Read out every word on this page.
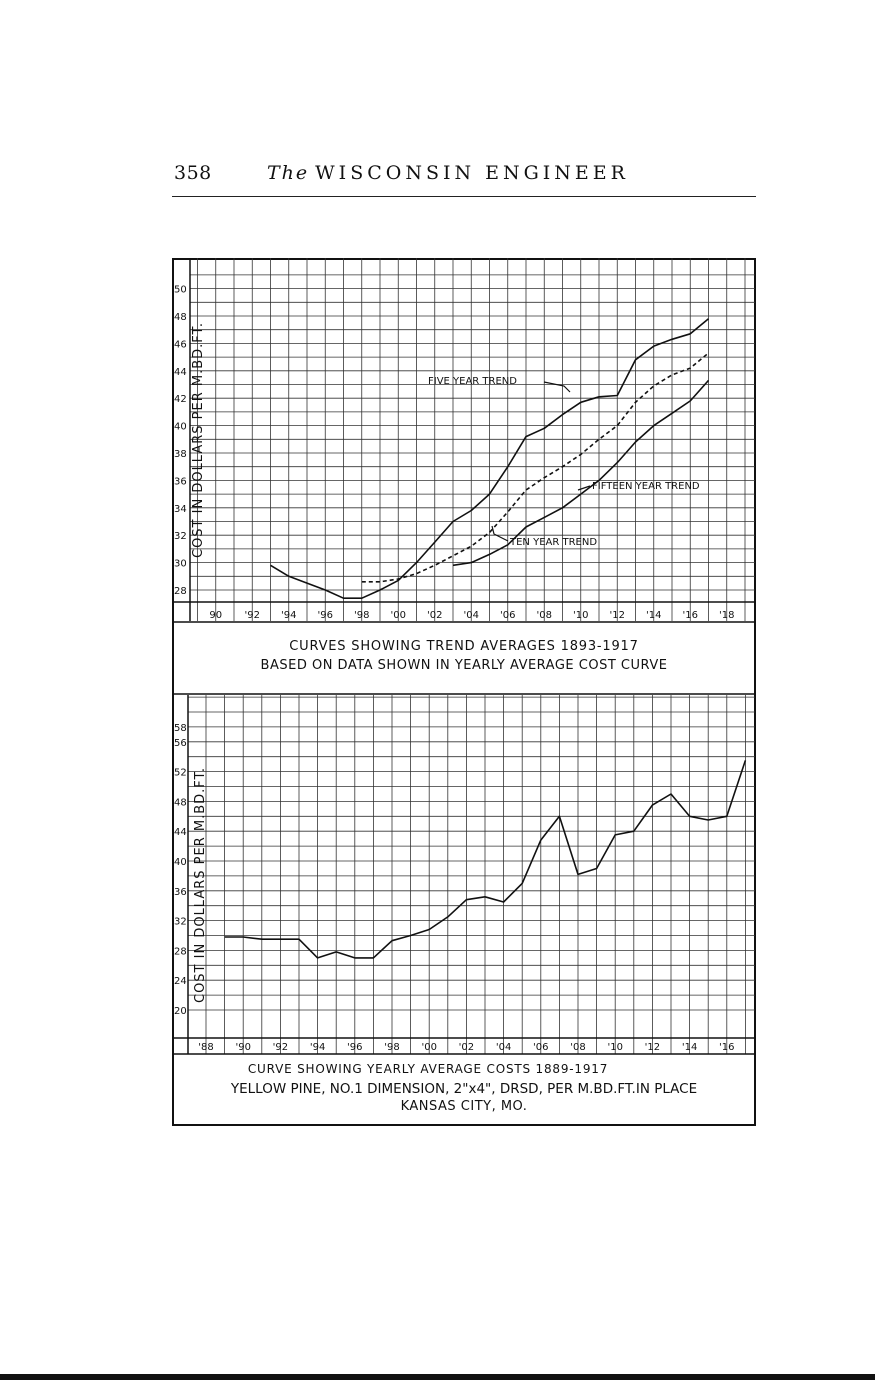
358	The WISCONSIN ENGINEER
28
30
32
34
36
38
40
42
44
46
48
50
90 '92 '94 '96 '98 '00 '02 '04 '06 '08 '10 '12 '14 '16 '18
COST IN DOLLARS PER M.BD.FT.	FIVE YEAR TREND
FIFTEEN YEAR TREND
TEN YEAR TREND
CURVES SHOWING TREND AVERAGES 1893-1917
BASED ON DATA SHOWN IN YEARLY AVERAGE COST CURVE
20
24
28
32
36
40
44
48
52
56
58
'88 '90 '92 '94 '96 '98 '00 '02 '04 '06 '08 '10 '12 '14 '16
COST IN DOLLARS PER M.BD.FT.
CURVE SHOWING YEARLY AVERAGE COSTS 1889-1917
YELLOW PINE, NO.1 DIMENSION, 2"x4", DRSD, PER M.BD.FT.IN PLACE
KANSAS CITY, MO.
